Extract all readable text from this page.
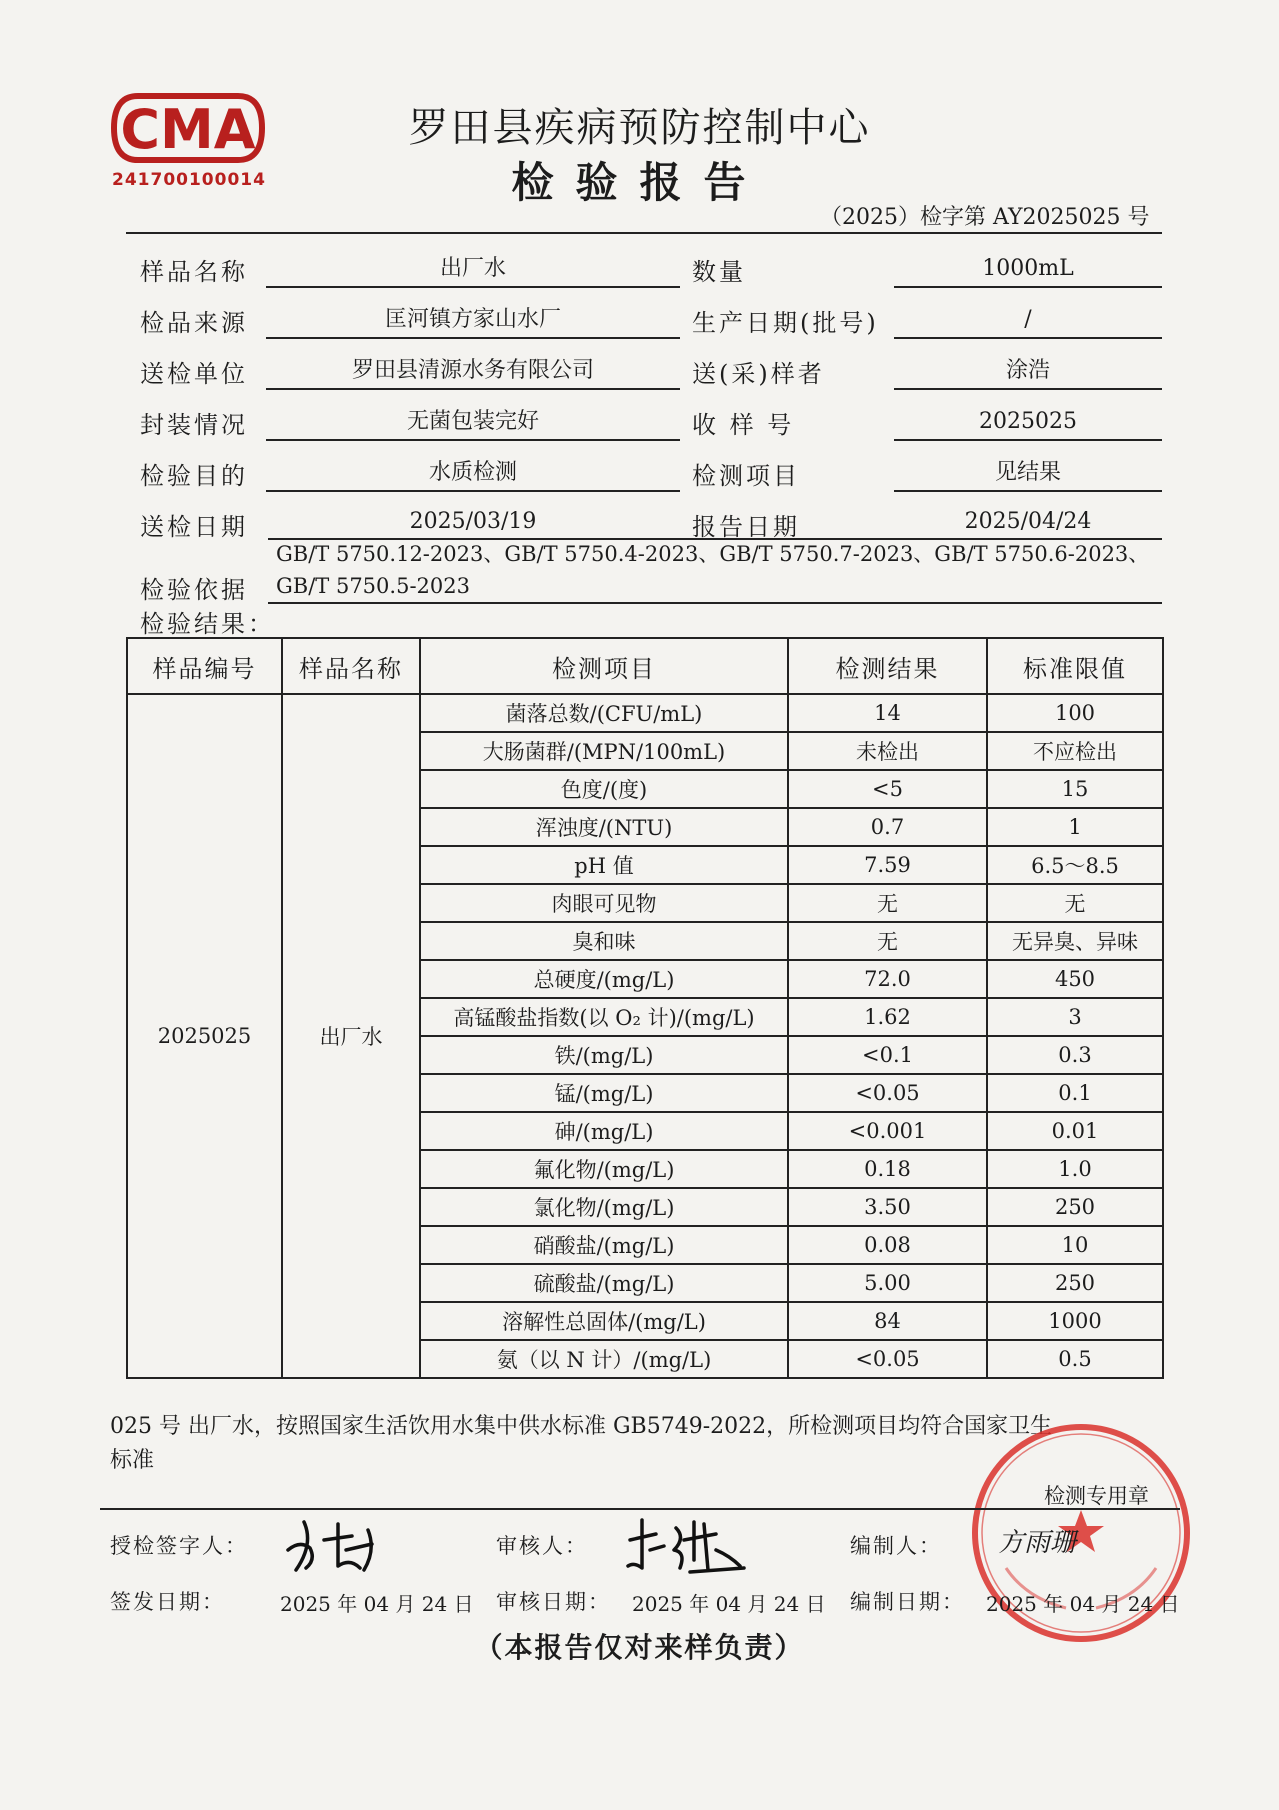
CMA
241700100014
罗田县疾病预防控制中心
检验报告
（2025）检字第 AY2025025 号
样品名称	出厂水	数量	1000mL
检品来源	匡河镇方家山水厂	生产日期(批号)	/
送检单位	罗田县清源水务有限公司	送(采)样者	涂浩
封装情况	无菌包装完好	收 样 号	2025025
检验目的	水质检测	检测项目	见结果
送检日期	2025/03/19	报告日期	2025/04/24
GB/T 5750.12-2023、GB/T 5750.4-2023、GB/T 5750.7-2023、GB/T 5750.6-2023、
GB/T 5750.5-2023
检验依据
检验结果：
样品编号	样品名称	检测项目	检测结果	标准限值
2025025	出厂水	菌落总数/(CFU/mL)	14	100
		大肠菌群/(MPN/100mL)	未检出	不应检出
		色度/(度)	<5	15
		浑浊度/(NTU)	0.7	1
		pH 值	7.59	6.5～8.5
		肉眼可见物	无	无
		臭和味	无	无异臭、异味
		总硬度/(mg/L)	72.0	450
		高锰酸盐指数(以 O₂ 计)/(mg/L)	1.62	3
		铁/(mg/L)	<0.1	0.3
		锰/(mg/L)	<0.05	0.1
		砷/(mg/L)	<0.001	0.01
		氟化物/(mg/L)	0.18	1.0
		氯化物/(mg/L)	3.50	250
		硝酸盐/(mg/L)	0.08	10
		硫酸盐/(mg/L)	5.00	250
		溶解性总固体/(mg/L)	84	1000
		氨（以 N 计）/(mg/L)	<0.05	0.5
025 号 出厂水，按照国家生活饮用水集中供水标准 GB5749-2022，所检测项目均符合国家卫生
标准
检测专用章
授检签字人：	审核人：	编制人： 方雨珊
签发日期：	2025 年 04 月 24 日 审核日期： 2025 年 04 月 24 日 编制日期： 2025 年 04 月 24 日
（本报告仅对来样负责）
